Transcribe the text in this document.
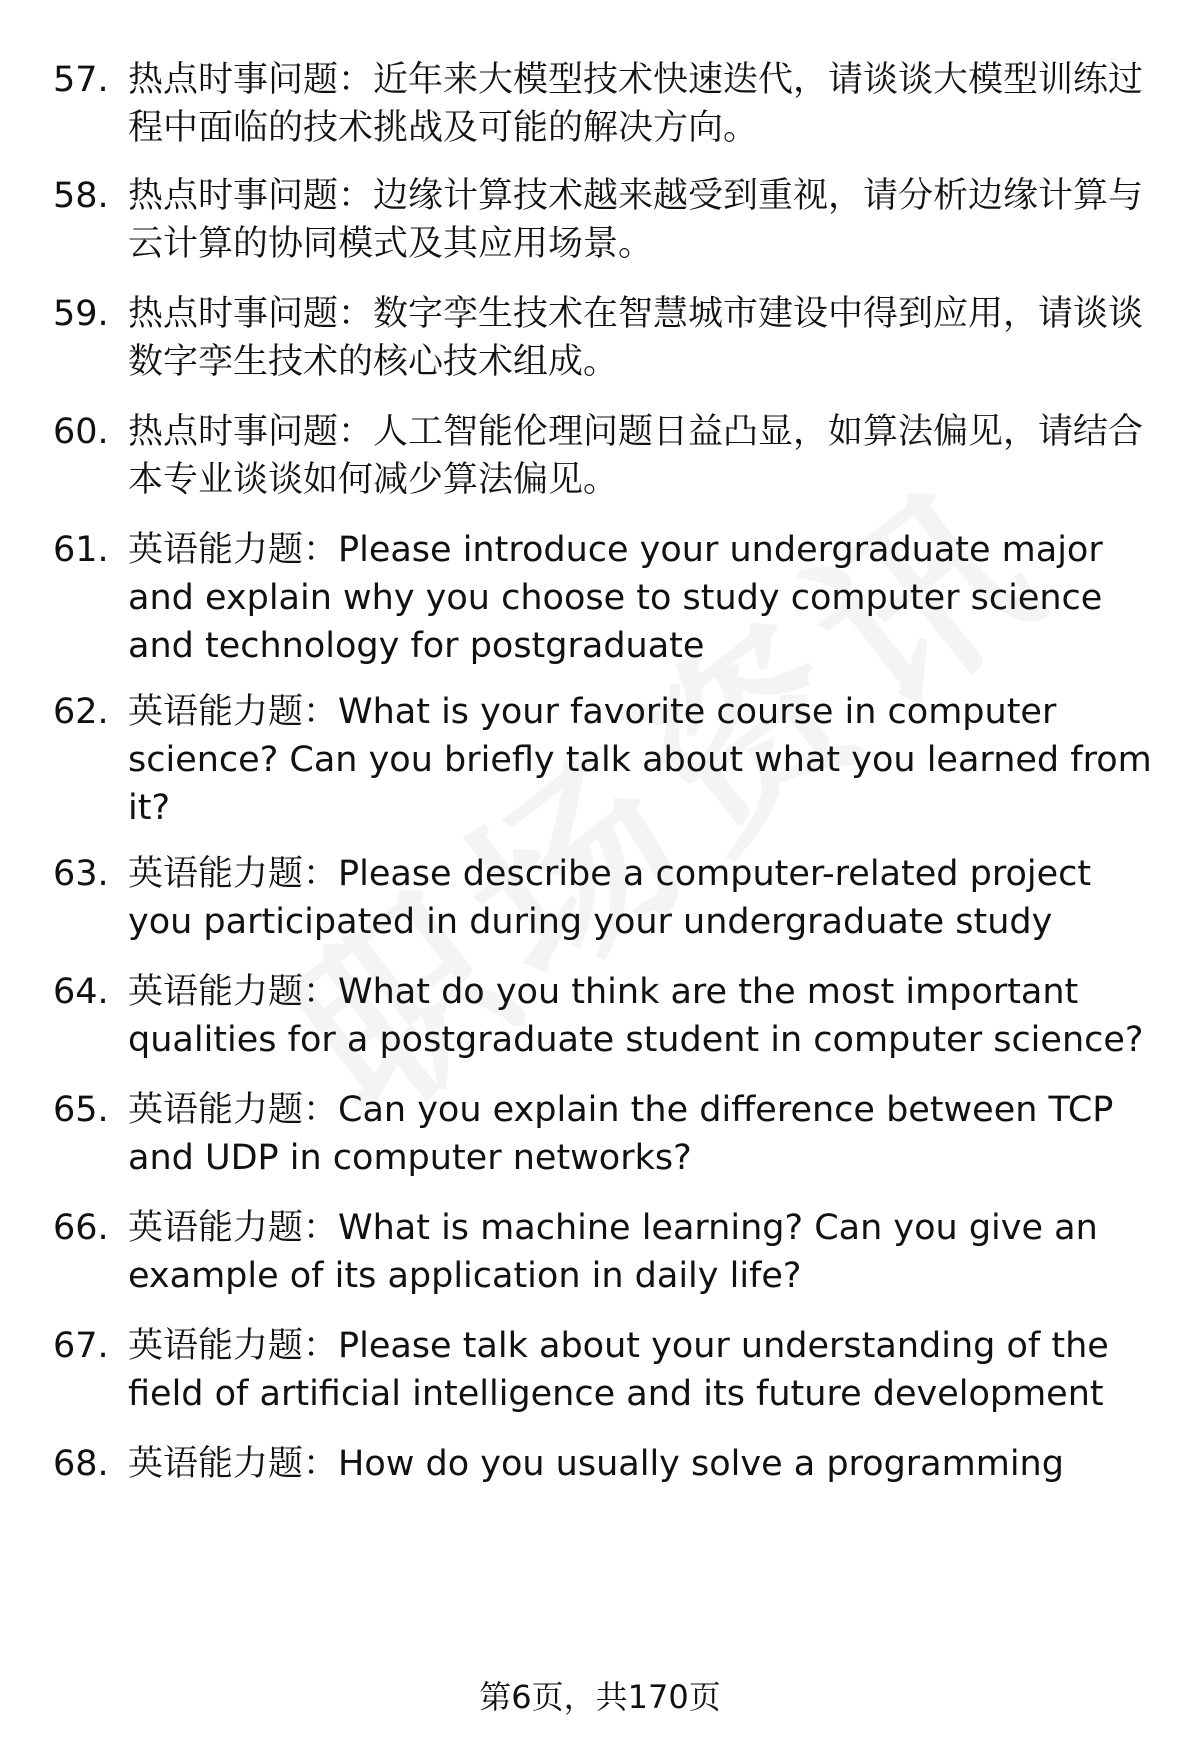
57. 热点时事问题：近年来大模型技术快速迭代，请谈谈大模型训练过程中面临的技术挑战及可能的解决方向。
58. 热点时事问题：边缘计算技术越来越受到重视，请分析边缘计算与云计算的协同模式及其应用场景。
59. 热点时事问题：数字孪生技术在智慧城市建设中得到应用，请谈谈数字孪生技术的核心技术组成。
60. 热点时事问题：人工智能伦理问题日益凸显，如算法偏见，请结合本专业谈谈如何减少算法偏见。
61. 英语能力题：Please introduce your undergraduate major and explain why you choose to study computer science and technology for postgraduate
62. 英语能力题：What is your favorite course in computer science? Can you briefly talk about what you learned from it?
63. 英语能力题：Please describe a computer-related project you participated in during your undergraduate study
64. 英语能力题：What do you think are the most important qualities for a postgraduate student in computer science?
65. 英语能力题：Can you explain the difference between TCP and UDP in computer networks?
66. 英语能力题：What is machine learning? Can you give an example of its application in daily life?
67. 英语能力题：Please talk about your understanding of the field of artificial intelligence and its future development
68. 英语能力题：How do you usually solve a programming
第6页，共170页
